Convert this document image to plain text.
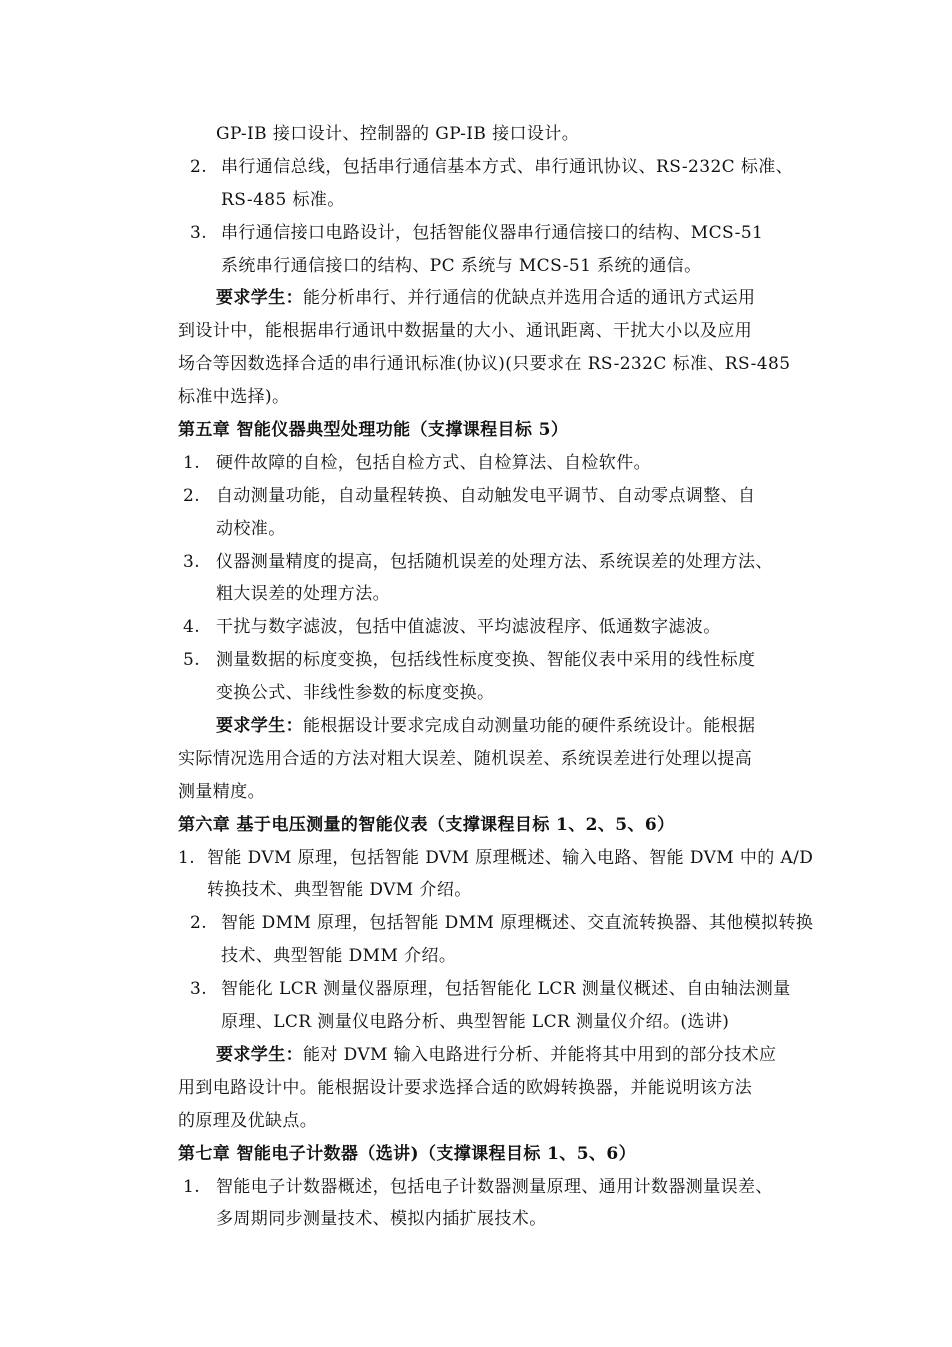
GP-IB 接口设计、控制器的 GP-IB 接口设计。
2. 串行通信总线，包括串行通信基本方式、串行通讯协议、RS-232C 标准、
RS-485 标准。
3. 串行通信接口电路设计，包括智能仪器串行通信接口的结构、MCS-51
系统串行通信接口的结构、PC 系统与 MCS-51 系统的通信。
要求学生：能分析串行、并行通信的优缺点并选用合适的通讯方式运用
到设计中，能根据串行通讯中数据量的大小、通讯距离、干扰大小以及应用
场合等因数选择合适的串行通讯标准(协议)(只要求在 RS-232C 标准、RS-485
标准中选择)。
第五章 智能仪器典型处理功能（支撑课程目标 5）
1. 硬件故障的自检，包括自检方式、自检算法、自检软件。
2. 自动测量功能，自动量程转换、自动触发电平调节、自动零点调整、自
动校准。
3. 仪器测量精度的提高，包括随机误差的处理方法、系统误差的处理方法、
粗大误差的处理方法。
4. 干扰与数字滤波，包括中值滤波、平均滤波程序、低通数字滤波。
5. 测量数据的标度变换，包括线性标度变换、智能仪表中采用的线性标度
变换公式、非线性参数的标度变换。
要求学生：能根据设计要求完成自动测量功能的硬件系统设计。能根据
实际情况选用合适的方法对粗大误差、随机误差、系统误差进行处理以提高
测量精度。
第六章 基于电压测量的智能仪表（支撑课程目标 1、2、5、6）
1. 智能 DVM 原理，包括智能 DVM 原理概述、输入电路、智能 DVM 中的 A/D
转换技术、典型智能 DVM 介绍。
2. 智能 DMM 原理，包括智能 DMM 原理概述、交直流转换器、其他模拟转换
技术、典型智能 DMM 介绍。
3. 智能化 LCR 测量仪器原理，包括智能化 LCR 测量仪概述、自由轴法测量
原理、LCR 测量仪电路分析、典型智能 LCR 测量仪介绍。(选讲)
要求学生：能对 DVM 输入电路进行分析、并能将其中用到的部分技术应
用到电路设计中。能根据设计要求选择合适的欧姆转换器，并能说明该方法
的原理及优缺点。
第七章 智能电子计数器（选讲)（支撑课程目标 1、5、6）
1. 智能电子计数器概述，包括电子计数器测量原理、通用计数器测量误差、
多周期同步测量技术、模拟内插扩展技术。
